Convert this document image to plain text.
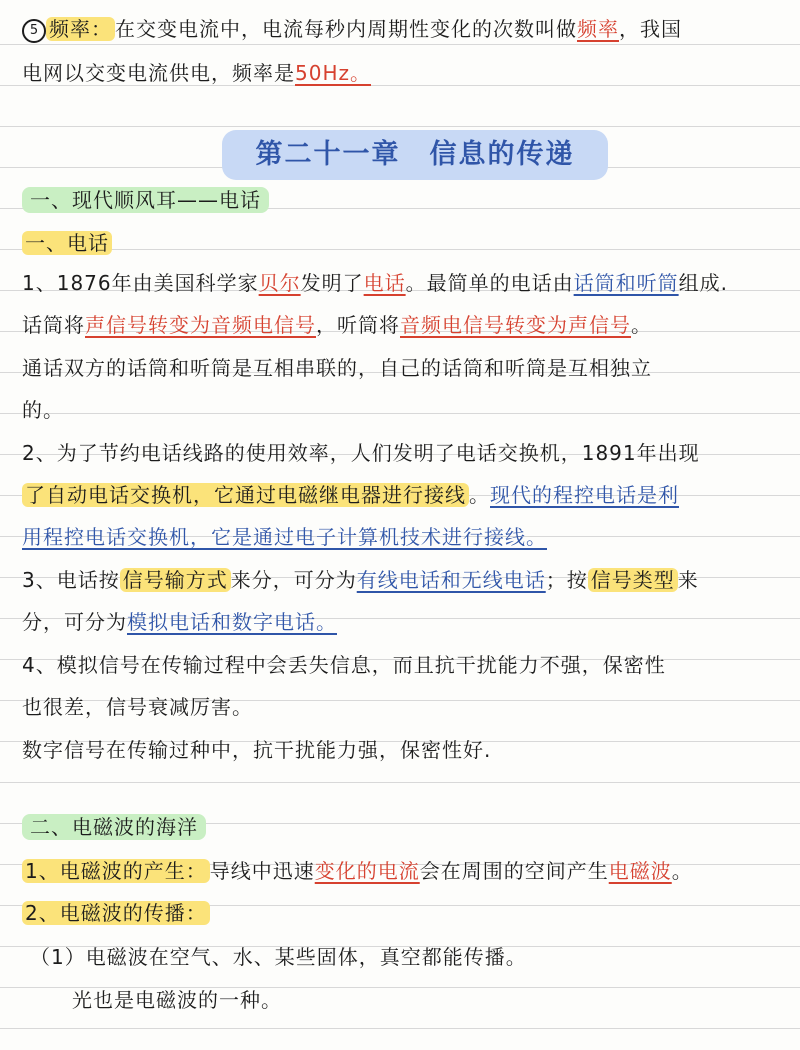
5 频率： 在交变电流中，电流每秒内周期性变化的次数叫做频率，我国
电网以交变电流供电，频率是50Hz。
第二十一章　信息的传递
一、现代顺风耳——电话
一、电话
1、1876年由美国科学家贝尔发明了电话。最简单的电话由话筒和听筒组成.
话筒将声信号转变为音频电信号，听筒将音频电信号转变为声信号。
通话双方的话筒和听筒是互相串联的，自己的话筒和听筒是互相独立
的。
2、为了节约电话线路的使用效率，人们发明了电话交换机，1891年出现
了自动电话交换机，它通过电磁继电器进行接线 。现代的程控电话是利
用程控电话交换机，它是通过电子计算机技术进行接线。
3、电话按 信号输方式 来分，可分为有线电话和无线电话；按 信号类型 来
分，可分为模拟电话和数字电话。
4、模拟信号在传输过程中会丢失信息，而且抗干扰能力不强，保密性
也很差，信号衰减厉害。
数字信号在传输过种中，抗干扰能力强，保密性好.
二、电磁波的海洋
1、电磁波的产生： 导线中迅速变化的电流会在周围的空间产生电磁波。
2、电磁波的传播：
（1）电磁波在空气、水、某些固体，真空都能传播。
光也是电磁波的一种。
